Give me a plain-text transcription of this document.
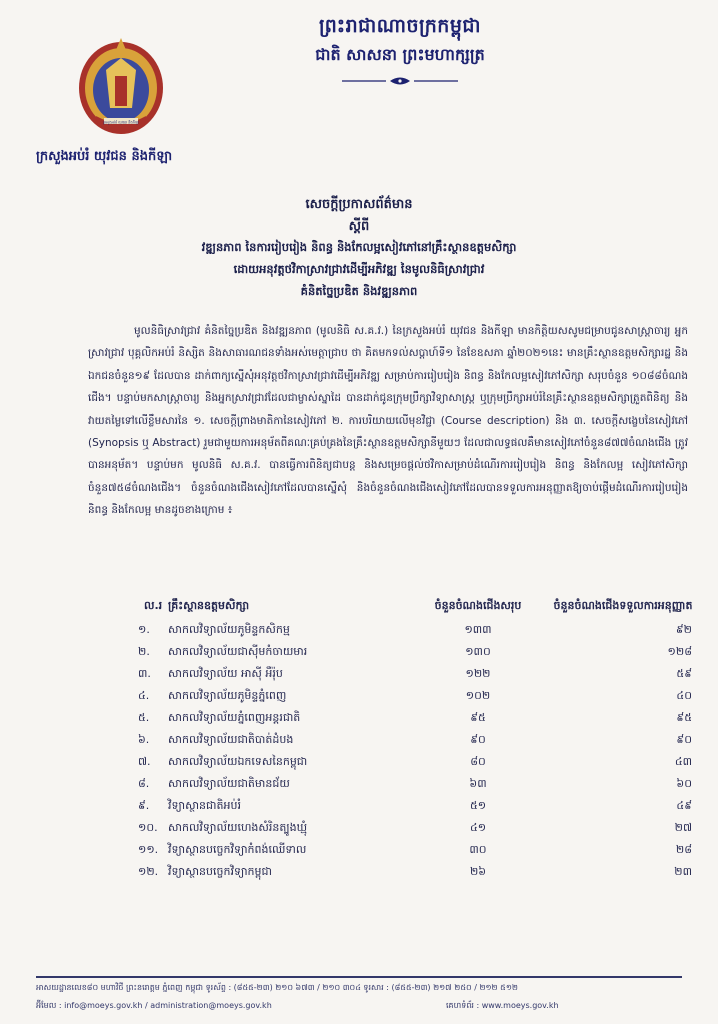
ព្រះរាជាណាចក្រកម្ពុជា
ជាតិ សាសនា ព្រះមហាក្សត្រ
ក្រសួងអប់រំ យុវជន និងកីឡា
ក្រសួងអប់រំ យុវជន និងកីឡា
សេចក្តីប្រកាសព័ត៌មាន
ស្តីពី
វឌ្ឍនភាព នៃការរៀបរៀង និពន្ធ និងកែលម្អសៀវភៅនៅគ្រឹះស្ថានឧត្តមសិក្សា
ដោយអនុវត្តថវិកាស្រាវជ្រាវដើម្បីអភិវឌ្ឍ នៃមូលនិធិស្រាវជ្រាវ
គំនិតច្នៃប្រឌិត និងវឌ្ឍនភាព
មូលនិធិស្រាវជ្រាវ គំនិតច្នៃប្រឌិត និងវឌ្ឍនភាព (មូលនិធិ ស.គ.វ.) នៃក្រសួងអប់រំ យុវជន និងកីឡា មានកិត្តិយសសូមជម្រាបជូនសាស្ត្រាចារ្យ អ្នកស្រាវជ្រាវ បុគ្គលិកអប់រំ និស្សិត និងសាធារណជនទាំងអស់មេត្តាជ្រាប ថា គិតមកទល់សប្តាហ៍ទី១ នៃខែឧសភា ឆ្នាំ២០២១នេះ មានគ្រឹះស្ថានឧត្តមសិក្សារដ្ឋ និងឯកជនចំនួន១៩ ដែលបាន ដាក់ពាក្យស្នើសុំអនុវត្តថវិកាស្រាវជ្រាវដើម្បីអភិវឌ្ឍ សម្រាប់ការរៀបរៀង និពន្ធ និងកែលម្អសៀវភៅសិក្សា សរុបចំនួន ១០៨៨ចំណងជើង។ បន្ទាប់មកសាស្ត្រាចារ្យ និងអ្នកស្រាវជ្រាវដែលជាម្ចាស់ស្នាដៃ បានដាក់ជូនក្រុមប្រឹក្សាវិទ្យាសាស្ត្រ ឬក្រុមប្រឹក្សាអប់រំនៃគ្រឹះស្ថានឧត្តមសិក្សាត្រួតពិនិត្យ និងវាយតម្លៃទៅលើខ្លឹមសារនៃ ១. សេចក្តីព្រាងមាតិកានៃសៀវភៅ ២. ការបរិយាយលើមុខវិជ្ជា (Course description) និង ៣. សេចក្តីសង្ខេបនៃសៀវភៅ (Synopsis ឬ Abstract) រួមជាមួយការអនុម័តពីគណៈគ្រប់គ្រងនៃគ្រឹះស្ថានឧត្តមសិក្សានីមួយៗ ដែលជាលទ្ធផលគឺមានសៀវភៅចំនួន៨៧៧ចំណងជើង ត្រូវបានអនុម័ត។ បន្ទាប់មក មូលនិធិ ស.គ.វ. បានធ្វើការពិនិត្យជាបន្ត និងសម្រេចផ្តល់ថវិកាសម្រាប់ដំណើរការរៀបរៀង និពន្ធ និងកែលម្អ សៀវភៅសិក្សាចំនួន៧៥៨ចំណងជើង។ ចំនួនចំណងជើងសៀវភៅដែលបានស្នើសុំ និងចំនួនចំណងជើងសៀវភៅដែលបានទទួលការអនុញ្ញាតឱ្យចាប់ផ្តើមដំណើរការរៀបរៀង និពន្ធ និងកែលម្អ មានដូចខាងក្រោម ៖
ល.រ គ្រឹះស្ថានឧត្តមសិក្សា	ចំនួនចំណងជើងសរុប	ចំនួនចំណងជើងទទួលការអនុញ្ញាត
១.	សាកលវិទ្យាល័យភូមិន្ទកសិកម្ម	១៣៣	៩២
២.	សាកលវិទ្យាល័យជាស៊ីមកំចាយមារ	១៣០	១២៨
៣.	សាកលវិទ្យាល័យ អាស៊ី អឺរ៉ុប	១២២	៥៩
៤.	សាកលវិទ្យាល័យភូមិន្ទភ្នំពេញ	១០២	៤០
៥.	សាកលវិទ្យាល័យភ្នំពេញអន្តរជាតិ	៩៥	៩៥
៦.	សាកលវិទ្យាល័យជាតិបាត់ដំបង	៩០	៩០
៧.	សាកលវិទ្យាល័យឯកទេសនៃកម្ពុជា	៨០	៤៣
៨.	សាកលវិទ្យាល័យជាតិមានជ័យ	៦៣	៦០
៩.	វិទ្យាស្ថានជាតិអប់រំ	៥១	៤៩
១០. សាកលវិទ្យាល័យហេងសំរិនត្បូងឃ្មុំ	៤១	២៧
១១. វិទ្យាស្ថានបច្ចេកវិទ្យាកំពង់ឈើទាល	៣០	២៨
១២. វិទ្យាស្ថានបច្ចេកវិទ្យាកម្ពុជា	២៦	២៣
អាសយដ្ឋានលេខ៨០ មហាវិថី ព្រះនរោត្តម ភ្នំពេញ កម្ពុជា ទូរស័ព្ទ : (៨៥៥-២៣) ២១០ ៦៧៣ / ២១០ ៣០៤ ទូរសារ : (៨៥៥-២៣) ២១៧ ២៥០ / ២១២ ៥១២
អ៊ីមែល : info@moeys.gov.kh / administration@moeys.gov.kh	គេហទំព័រ : www.moeys.gov.kh
